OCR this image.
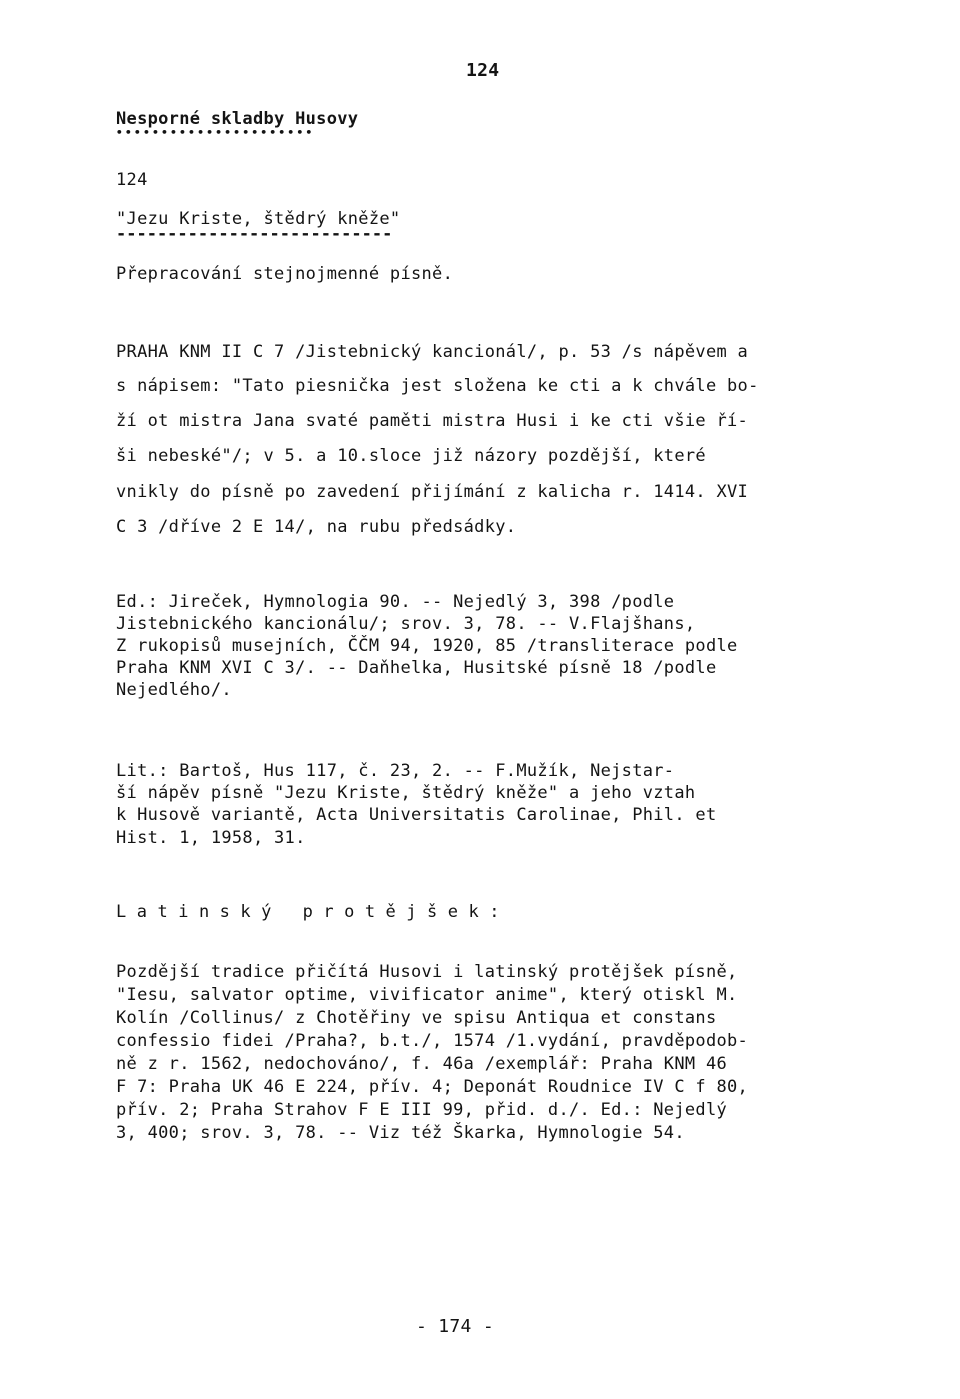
124
Nesporné skladby Husovy
••••••••••••••••••••••
124
"Jezu Kriste, štědrý kněže"
---------------------------
Přepracování stejnojmenné písně.
PRAHA KNM II C 7 /Jistebnický kancionál/, p. 53 /s nápěvem a
s nápisem: "Tato piesnička jest složena ke cti a k chvále bo-
ží ot mistra Jana svaté paměti mistra Husi i ke cti všie ří-
ši nebeské"/; v 5. a 10.sloce již názory pozdější, které
vnikly do písně po zavedení přijímání z kalicha r. 1414. XVI
C 3 /dříve 2 E 14/, na rubu předsádky.
Ed.: Jireček, Hymnologia 90. -- Nejedlý 3, 398 /podle
Jistebnického kancionálu/; srov. 3, 78. -- V.Flajšhans,
Z rukopisů musejních, ČČM 94, 1920, 85 /transliterace podle
Praha KNM XVI C 3/. -- Daňhelka, Husitské písně 18 /podle
Nejedlého/.
Lit.: Bartoš, Hus 117, č. 23, 2. -- F.Mužík, Nejstar-
ší nápěv písně "Jezu Kriste, štědrý kněže" a jeho vztah
k Husově variantě, Acta Universitatis Carolinae, Phil. et
Hist. 1, 1958, 31.
Latinský protějšek:
Pozdější tradice přičítá Husovi i latinský protějšek písně,
"Iesu, salvator optime, vivificator anime", který otiskl M.
Kolín /Collinus/ z Chotěřiny ve spisu Antiqua et constans
confessio fidei /Praha?, b.t./, 1574 /1.vydání, pravděpodob-
ně z r. 1562, nedochováno/, f. 46a /exemplář: Praha KNM 46
F 7: Praha UK 46 E 224, přív. 4; Deponát Roudnice IV C f 80,
přív. 2; Praha Strahov F E III 99, přid. d./. Ed.: Nejedlý
3, 400; srov. 3, 78. -- Viz též Škarka, Hymnologie 54.
- 174 -
